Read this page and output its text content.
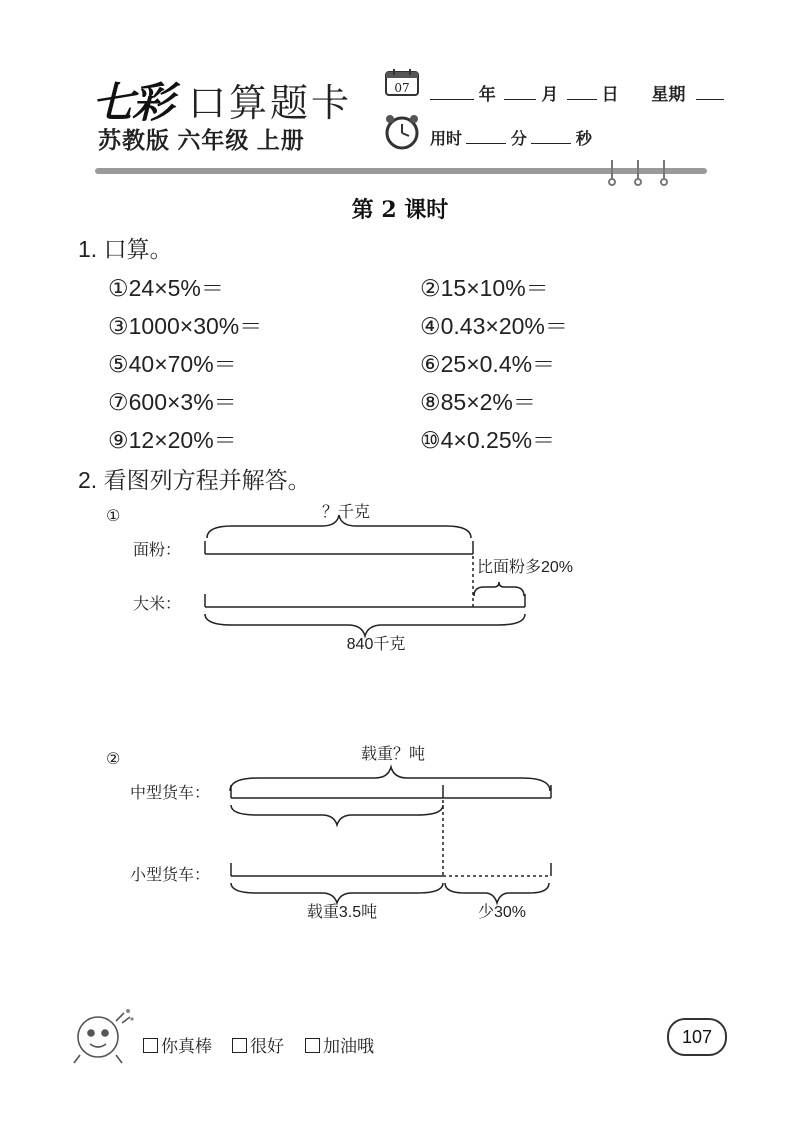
七彩 口算题卡
苏教版 六年级 上册
07	年	月	日 星期
用时	分	秒
第 2 课时
1. 口算。
①24×5%＝	②15×10%＝
③1000×30%＝	④0.43×20%＝
⑤40×70%＝	⑥25×0.4%＝
⑦600×3%＝	⑧85×2%＝
⑨12×20%＝	⑩4×0.25%＝
2. 看图列方程并解答。
①	？千克
面粉：
比面粉多20%
大米：
840千克
②	载重？吨
中型货车：
小型货车：
载重3.5吨	少30%
你真棒	很好	加油哦	107
